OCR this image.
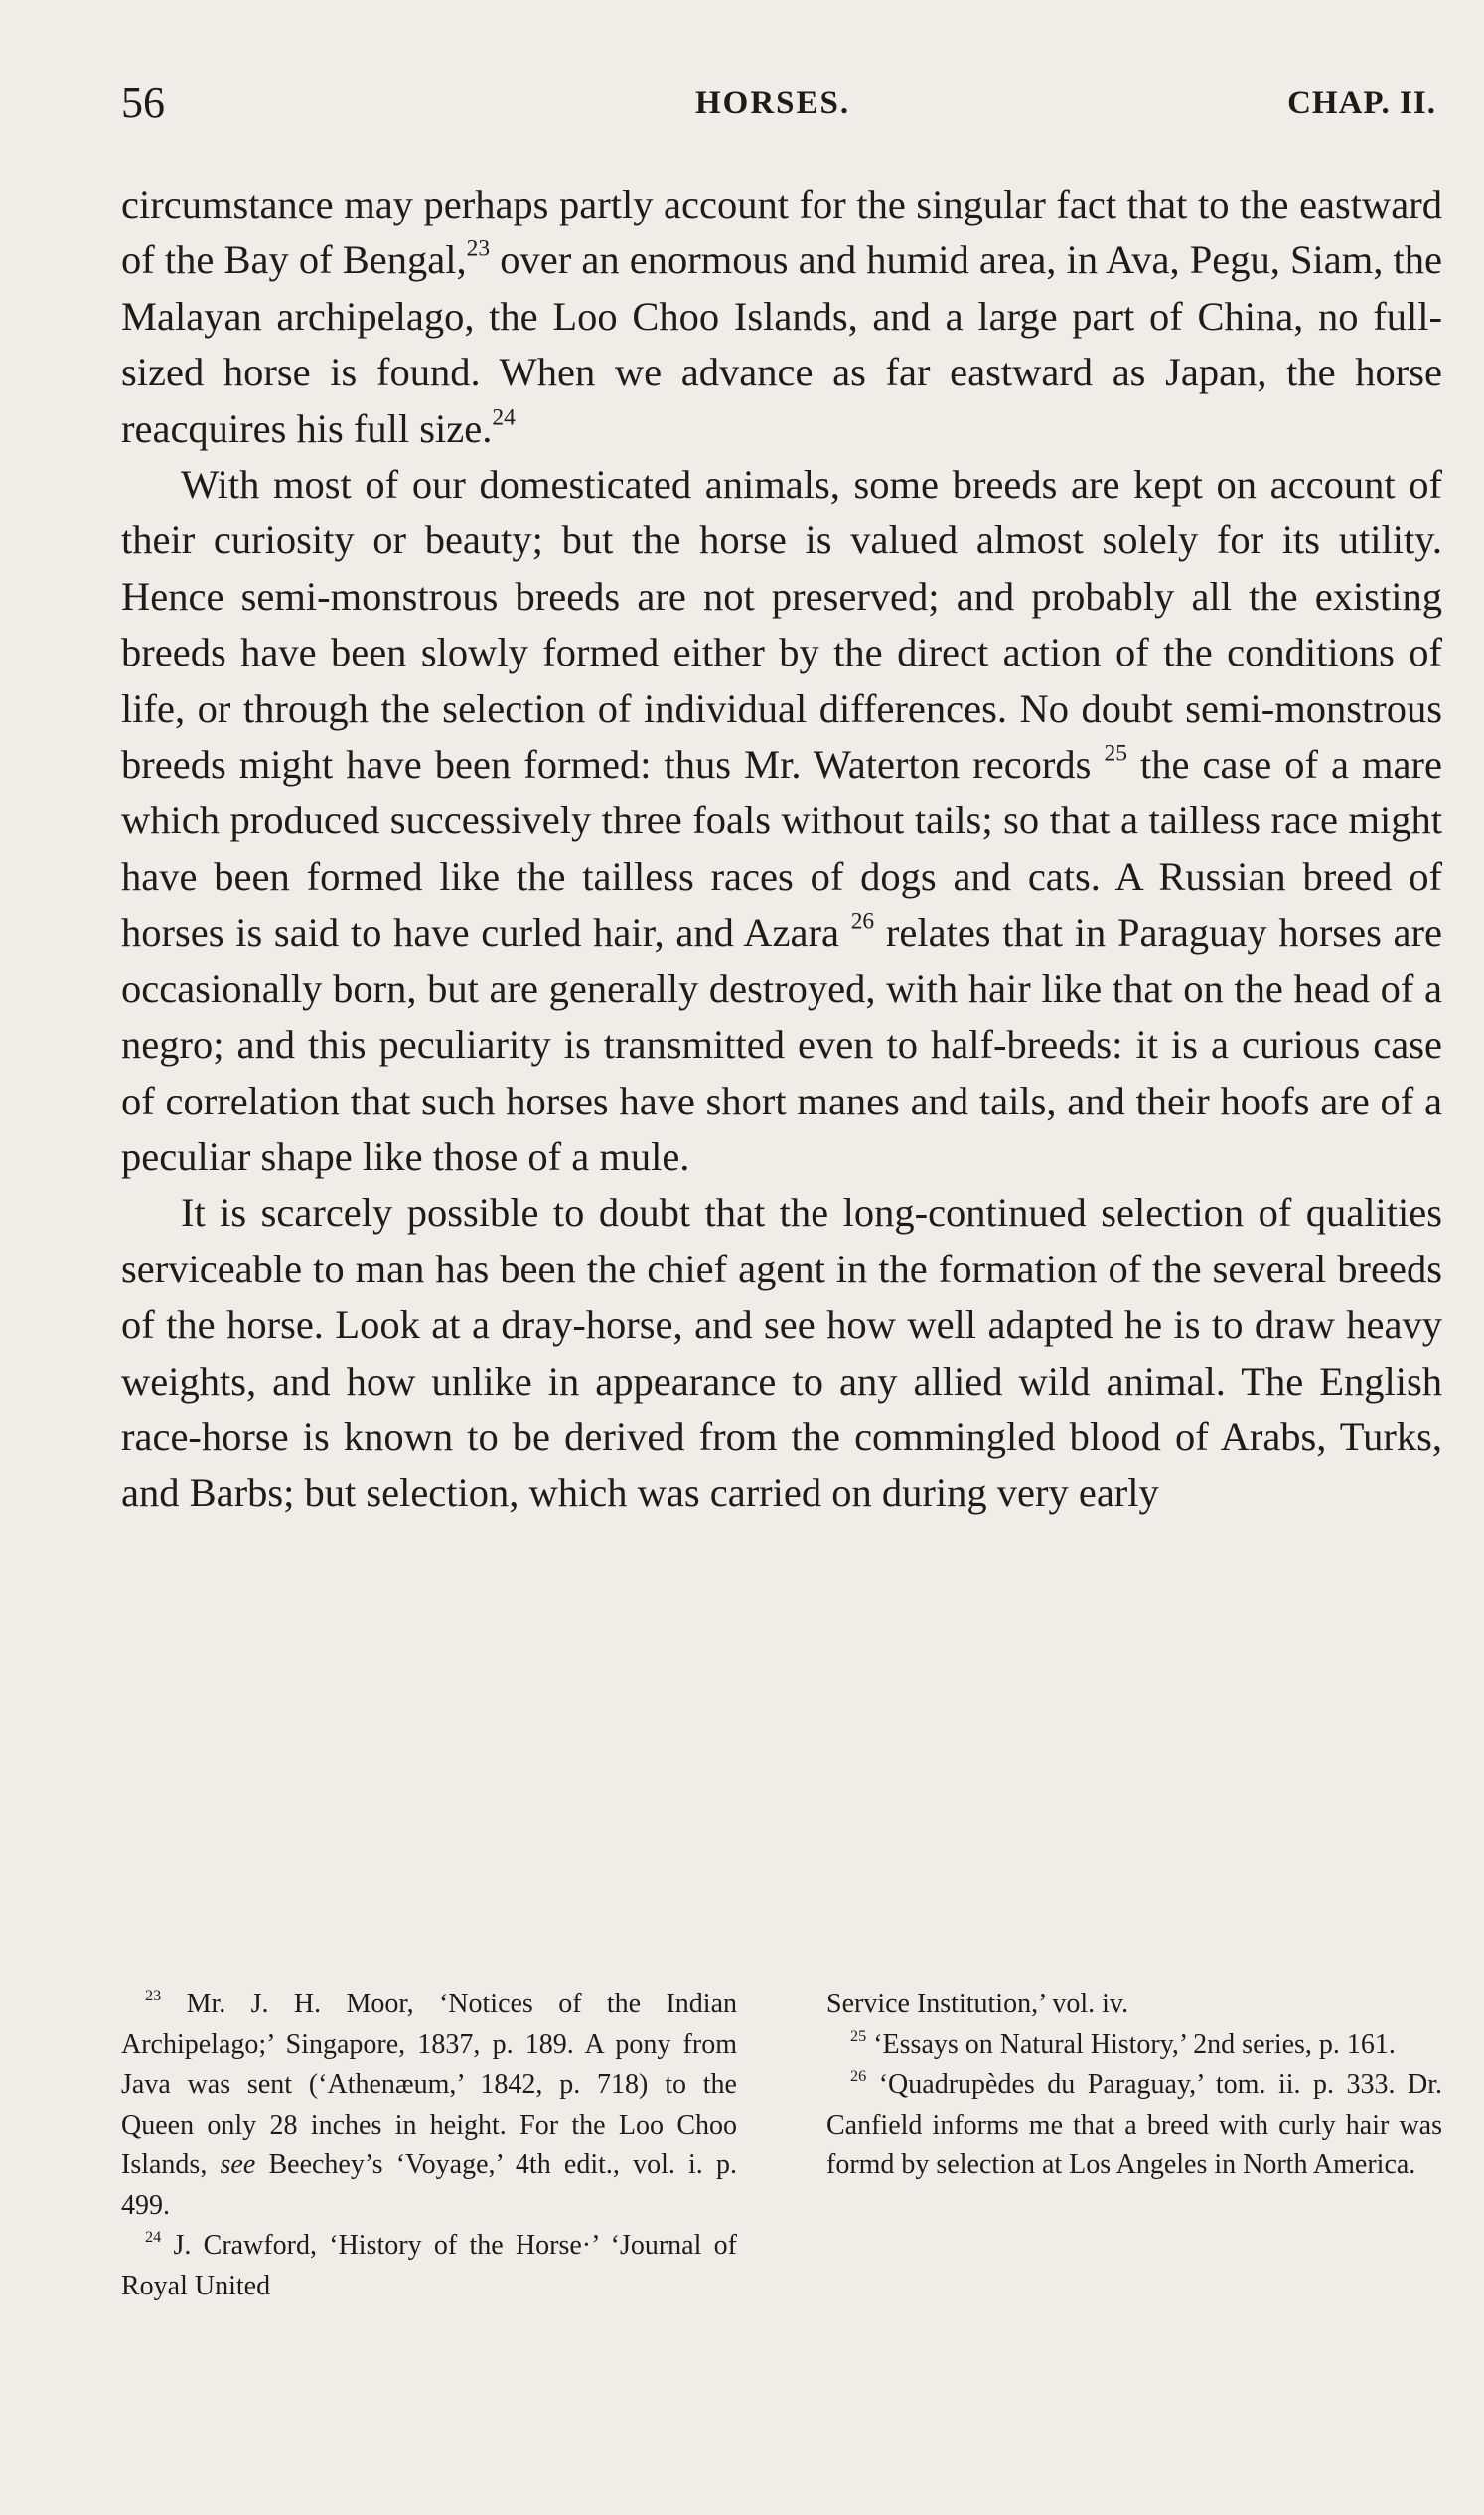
56	HORSES.	CHAP. II.

circumstance may perhaps partly account for the singular fact that to the eastward of the Bay of Bengal,$^{23}$ over an enormous and humid area, in Ava, Pegu, Siam, the Malayan archipelago, the Loo Choo Islands, and a large part of China, no full-sized horse is found. When we advance as far eastward as Japan, the horse reacquires his full size.$^{24}$

With most of our domesticated animals, some breeds are kept on account of their curiosity or beauty; but the horse is valued almost solely for its utility. Hence semi-monstrous breeds are not preserved; and probably all the existing breeds have been slowly formed either by the direct action of the conditions of life, or through the selection of individual differences. No doubt semi-monstrous breeds might have been formed: thus Mr. Waterton records $^{25}$ the case of a mare which produced successively three foals without tails; so that a tailless race might have been formed like the tailless races of dogs and cats. A Russian breed of horses is said to have curled hair, and Azara $^{26}$ relates that in Paraguay horses are occasionally born, but are generally destroyed, with hair like that on the head of a negro; and this peculiarity is transmitted even to half-breeds: it is a curious case of correlation that such horses have short manes and tails, and their hoofs are of a peculiar shape like those of a mule.

It is scarcely possible to doubt that the long-continued selection of qualities serviceable to man has been the chief agent in the formation of the several breeds of the horse. Look at a dray-horse, and see how well adapted he is to draw heavy weights, and how unlike in appearance to any allied wild animal. The English race-horse is known to be derived from the commingled blood of Arabs, Turks, and Barbs; but selection, which was carried on during very early

$^{23}$ Mr. J. H. Moor, ‘Notices of the Indian Archipelago;’ Singapore, 1837, p. 189. A pony from Java was sent (‘Athenæum,’ 1842, p. 718) to the Queen only 28 inches in height. For the Loo Choo Islands, see Beechey’s ‘Voyage,’ 4th edit., vol. i. p. 499.

$^{24}$ J. Crawford, ‘History of the Horse·’ ‘Journal of Royal United

Service Institution,’ vol. iv.

$^{25}$ ‘Essays on Natural History,’ 2nd series, p. 161.

$^{26}$ ‘Quadrupèdes du Paraguay,’ tom. ii. p. 333. Dr. Canfield informs me that a breed with curly hair was formd by selection at Los Angeles in North America.
